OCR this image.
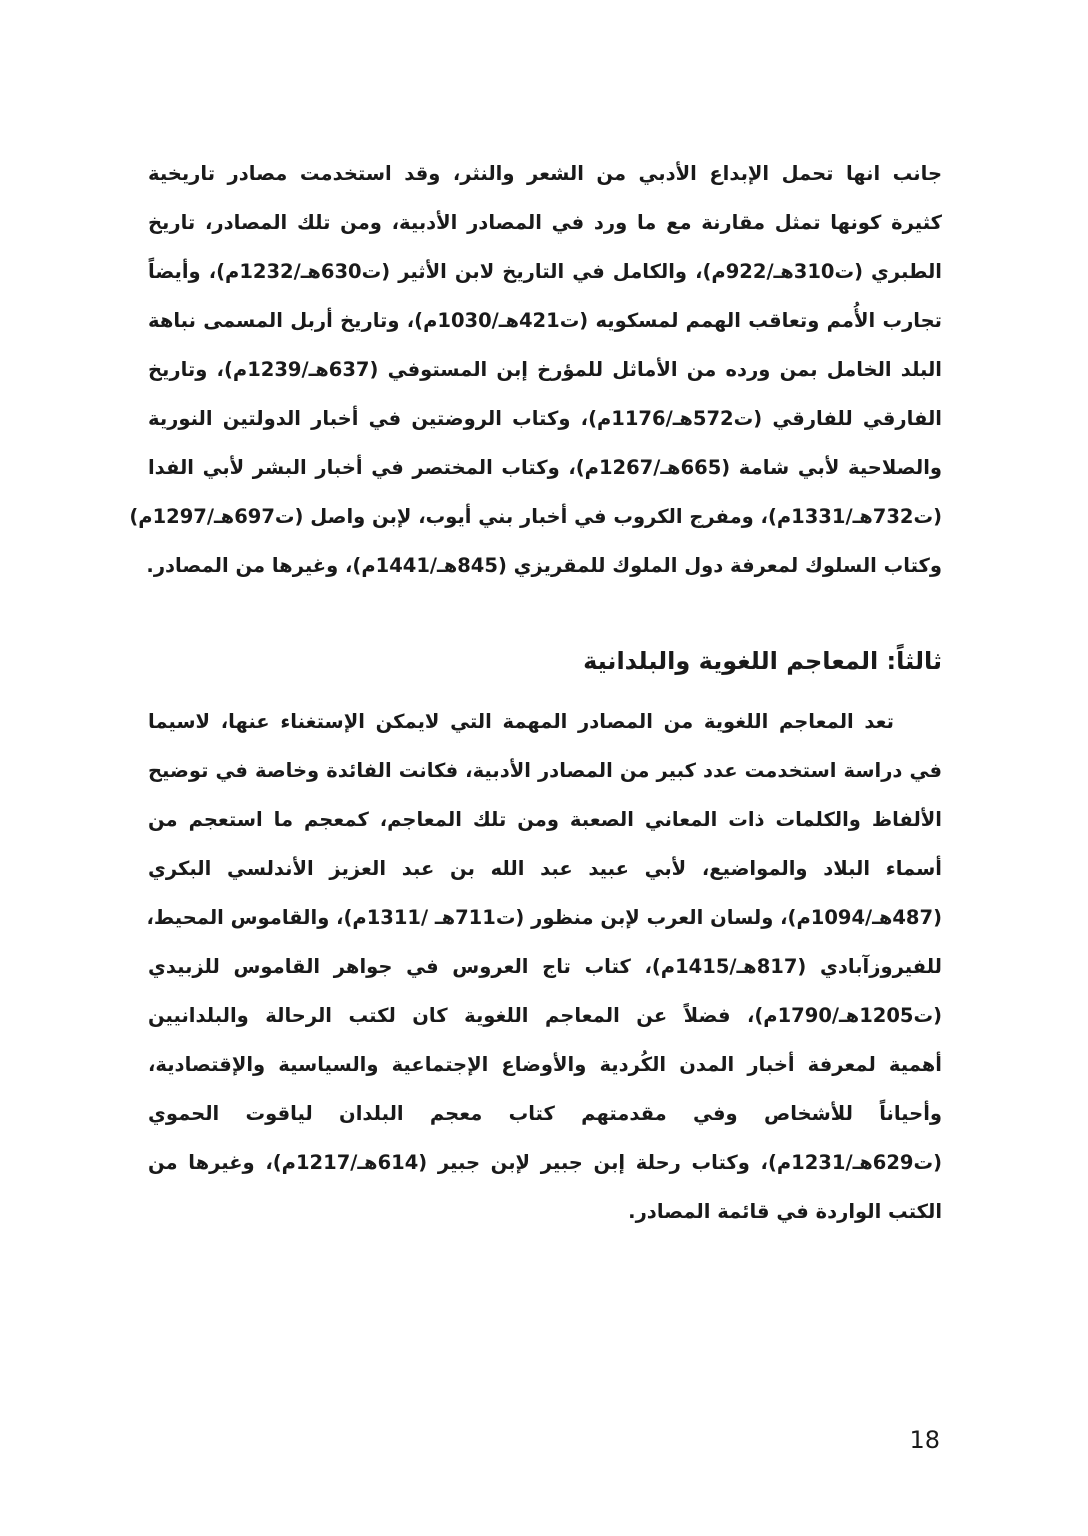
جانب انها تحمل الإبداع الأدبي من الشعر والنثر، وقد استخدمت مصادر تاريخية
كثيرة كونها تمثل مقارنة مع ما ورد في المصادر الأدبية، ومن تلك المصادر، تاريخ
الطبري (ت310هـ/922م)، والكامل في التاريخ لابن الأثير (ت630هـ/1232م)، وأيضاً
تجارب الأُمم وتعاقب الهمم لمسكويه (ت421هـ/1030م)، وتاريخ أربل المسمى نباهة
البلد الخامل بمن ورده من الأماثل للمؤرخ إبن المستوفي (637هـ/1239م)، وتاريخ
الفارقي للفارقي (ت572هـ/1176م)، وكتاب الروضتين في أخبار الدولتين النورية
والصلاحية لأبي شامة (665هـ/1267م)، وكتاب المختصر في أخبار البشر لأبي الفدا
(ت732هـ/1331م)، ومفرج الكروب في أخبار بني أيوب، لإبن واصل (ت697هـ/1297م)
وكتاب السلوك لمعرفة دول الملوك للمقريزي (845هـ/1441م)، وغيرها من المصادر.
ثالثاً: المعاجم اللغوية والبلدانية
تعد المعاجم اللغوية من المصادر المهمة التي لايمكن الإستغناء عنها، لاسيما
في دراسة استخدمت عدد كبير من المصادر الأدبية، فكانت الفائدة وخاصة في توضيح
الألفاظ والكلمات ذات المعاني الصعبة ومن تلك المعاجم، كمعجم ما استعجم من
أسماء البلاد والمواضيع، لأبي عبيد عبد الله بن عبد العزيز الأندلسي البكري
(487هـ/1094م)، ولسان العرب لإبن منظور (ت711هـ /1311م)، والقاموس المحيط،
للفيروزآبادي (817هـ/1415م)، كتاب تاج العروس في جواهر القاموس للزبيدي
(ت1205هـ/1790م)، فضلاً عن المعاجم اللغوية كان لكتب الرحالة والبلدانيين
أهمية لمعرفة أخبار المدن الكُردية والأوضاع الإجتماعية والسياسية والإقتصادية،
وأحياناً للأشخاص وفي مقدمتهم كتاب معجم البلدان لياقوت الحموي
(ت629هـ/1231م)، وكتاب رحلة إبن جبير لإبن جبير (614هـ/1217م)، وغيرها من
الكتب الواردة في قائمة المصادر.
18
